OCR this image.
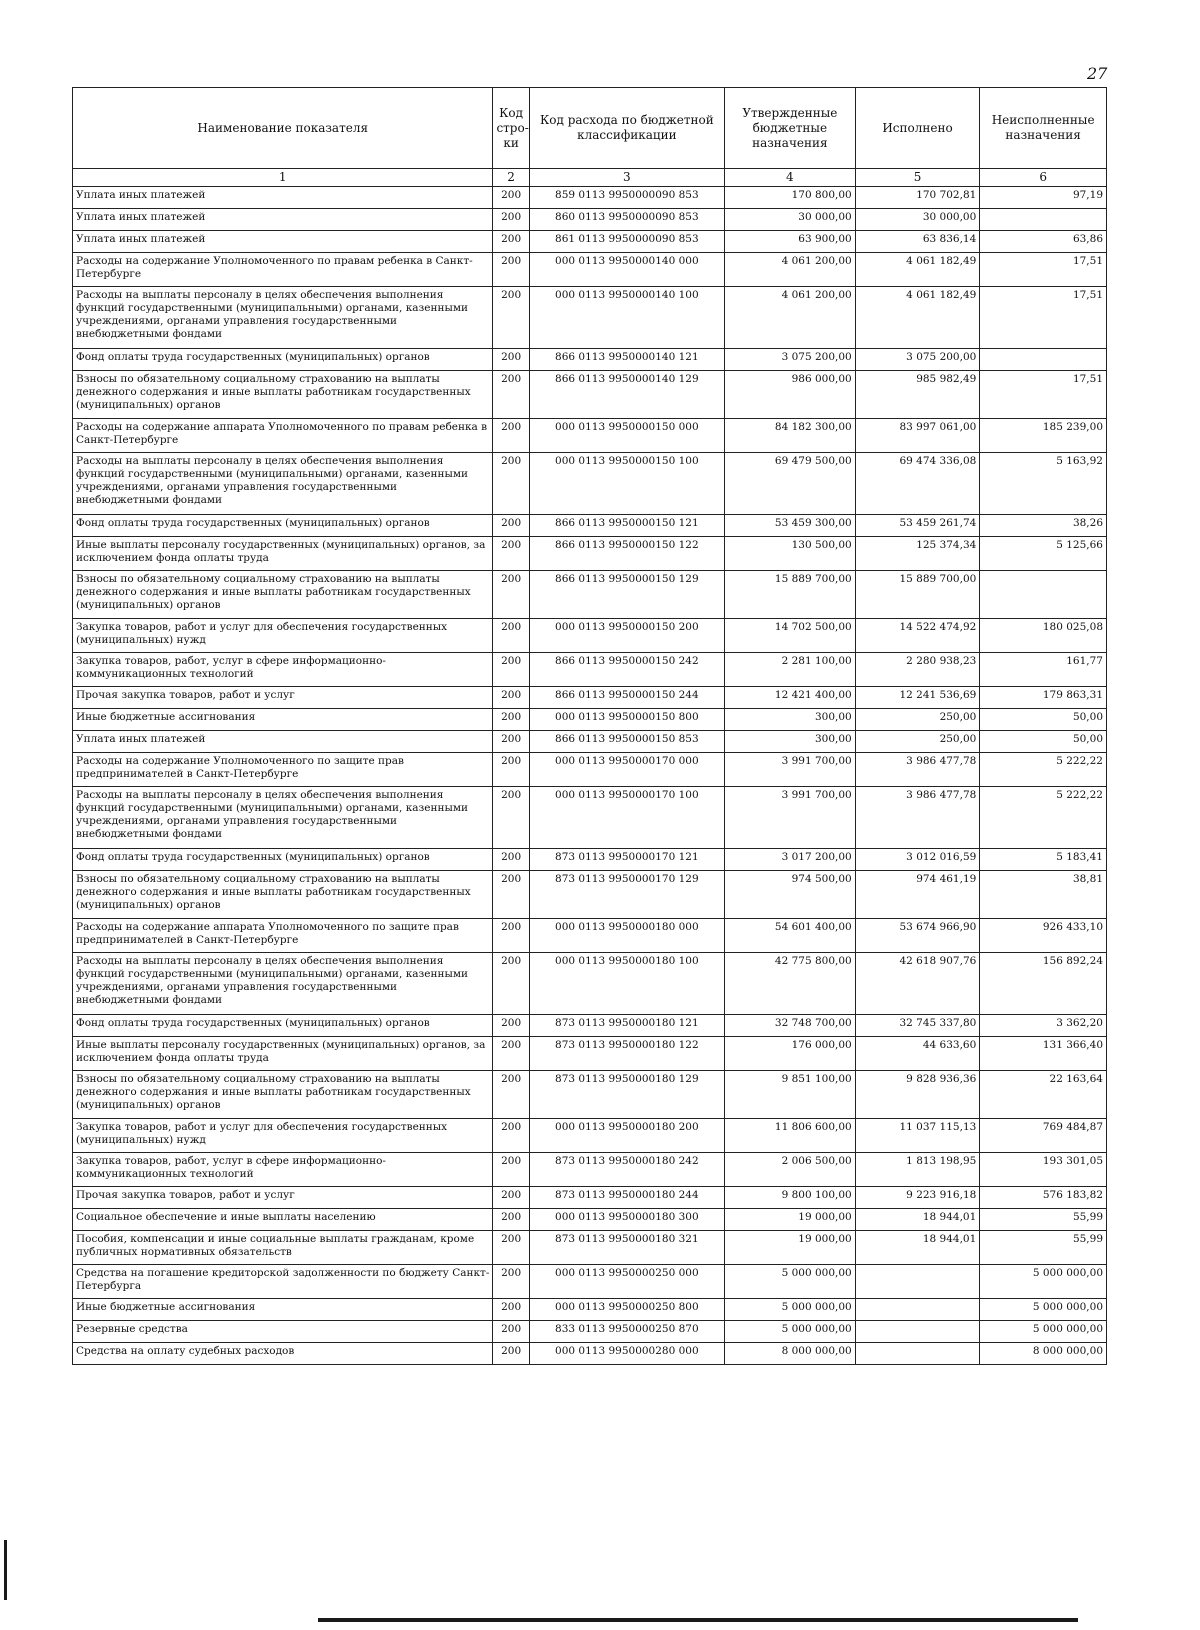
27
Наименование показателя	Код стро-ки	Код расхода по бюджетной классификации	Утвержденные бюджетные назначения	Исполнено	Неисполненные назначения
1	2	3	4	5	6
Уплата иных платежей	200	859 0113 9950000090 853	170 800,00	170 702,81	97,19
Уплата иных платежей	200	860 0113 9950000090 853	30 000,00	30 000,00	
Уплата иных платежей	200	861 0113 9950000090 853	63 900,00	63 836,14	63,86
Расходы на содержание Уполномоченного по правам ребенка в Санкт-Петербурге	200	000 0113 9950000140 000	4 061 200,00	4 061 182,49	17,51
Расходы на выплаты персоналу в целях обеспечения выполнения функций государственными (муниципальными) органами, казенными учреждениями, органами управления государственными внебюджетными фондами	200	000 0113 9950000140 100	4 061 200,00	4 061 182,49	17,51
Фонд оплаты труда государственных (муниципальных) органов	200	866 0113 9950000140 121	3 075 200,00	3 075 200,00	
Взносы по обязательному социальному страхованию на выплаты денежного содержания и иные выплаты работникам государственных (муниципальных) органов	200	866 0113 9950000140 129	986 000,00	985 982,49	17,51
Расходы на содержание аппарата Уполномоченного по правам ребенка в Санкт-Петербурге	200	000 0113 9950000150 000	84 182 300,00	83 997 061,00	185 239,00
Расходы на выплаты персоналу в целях обеспечения выполнения функций государственными (муниципальными) органами, казенными учреждениями, органами управления государственными внебюджетными фондами	200	000 0113 9950000150 100	69 479 500,00	69 474 336,08	5 163,92
Фонд оплаты труда государственных (муниципальных) органов	200	866 0113 9950000150 121	53 459 300,00	53 459 261,74	38,26
Иные выплаты персоналу государственных (муниципальных) органов, за исключением фонда оплаты труда	200	866 0113 9950000150 122	130 500,00	125 374,34	5 125,66
Взносы по обязательному социальному страхованию на выплаты денежного содержания и иные выплаты работникам государственных (муниципальных) органов	200	866 0113 9950000150 129	15 889 700,00	15 889 700,00	
Закупка товаров, работ и услуг для обеспечения государственных (муниципальных) нужд	200	000 0113 9950000150 200	14 702 500,00	14 522 474,92	180 025,08
Закупка товаров, работ, услуг в сфере информационно-коммуникационных технологий	200	866 0113 9950000150 242	2 281 100,00	2 280 938,23	161,77
Прочая закупка товаров, работ и услуг	200	866 0113 9950000150 244	12 421 400,00	12 241 536,69	179 863,31
Иные бюджетные ассигнования	200	000 0113 9950000150 800	300,00	250,00	50,00
Уплата иных платежей	200	866 0113 9950000150 853	300,00	250,00	50,00
Расходы на содержание Уполномоченного по защите прав предпринимателей в Санкт-Петербурге	200	000 0113 9950000170 000	3 991 700,00	3 986 477,78	5 222,22
Расходы на выплаты персоналу в целях обеспечения выполнения функций государственными (муниципальными) органами, казенными учреждениями, органами управления государственными внебюджетными фондами	200	000 0113 9950000170 100	3 991 700,00	3 986 477,78	5 222,22
Фонд оплаты труда государственных (муниципальных) органов	200	873 0113 9950000170 121	3 017 200,00	3 012 016,59	5 183,41
Взносы по обязательному социальному страхованию на выплаты денежного содержания и иные выплаты работникам государственных (муниципальных) органов	200	873 0113 9950000170 129	974 500,00	974 461,19	38,81
Расходы на содержание аппарата Уполномоченного по защите прав предпринимателей в Санкт-Петербурге	200	000 0113 9950000180 000	54 601 400,00	53 674 966,90	926 433,10
Расходы на выплаты персоналу в целях обеспечения выполнения функций государственными (муниципальными) органами, казенными учреждениями, органами управления государственными внебюджетными фондами	200	000 0113 9950000180 100	42 775 800,00	42 618 907,76	156 892,24
Фонд оплаты труда государственных (муниципальных) органов	200	873 0113 9950000180 121	32 748 700,00	32 745 337,80	3 362,20
Иные выплаты персоналу государственных (муниципальных) органов, за исключением фонда оплаты труда	200	873 0113 9950000180 122	176 000,00	44 633,60	131 366,40
Взносы по обязательному социальному страхованию на выплаты денежного содержания и иные выплаты работникам государственных (муниципальных) органов	200	873 0113 9950000180 129	9 851 100,00	9 828 936,36	22 163,64
Закупка товаров, работ и услуг для обеспечения государственных (муниципальных) нужд	200	000 0113 9950000180 200	11 806 600,00	11 037 115,13	769 484,87
Закупка товаров, работ, услуг в сфере информационно-коммуникационных технологий	200	873 0113 9950000180 242	2 006 500,00	1 813 198,95	193 301,05
Прочая закупка товаров, работ и услуг	200	873 0113 9950000180 244	9 800 100,00	9 223 916,18	576 183,82
Социальное обеспечение и иные выплаты населению	200	000 0113 9950000180 300	19 000,00	18 944,01	55,99
Пособия, компенсации и иные социальные выплаты гражданам, кроме публичных нормативных обязательств	200	873 0113 9950000180 321	19 000,00	18 944,01	55,99
Средства на погашение кредиторской задолженности по бюджету Санкт-Петербурга	200	000 0113 9950000250 000	5 000 000,00		5 000 000,00
Иные бюджетные ассигнования	200	000 0113 9950000250 800	5 000 000,00		5 000 000,00
Резервные средства	200	833 0113 9950000250 870	5 000 000,00		5 000 000,00
Средства на оплату судебных расходов	200	000 0113 9950000280 000	8 000 000,00		8 000 000,00
